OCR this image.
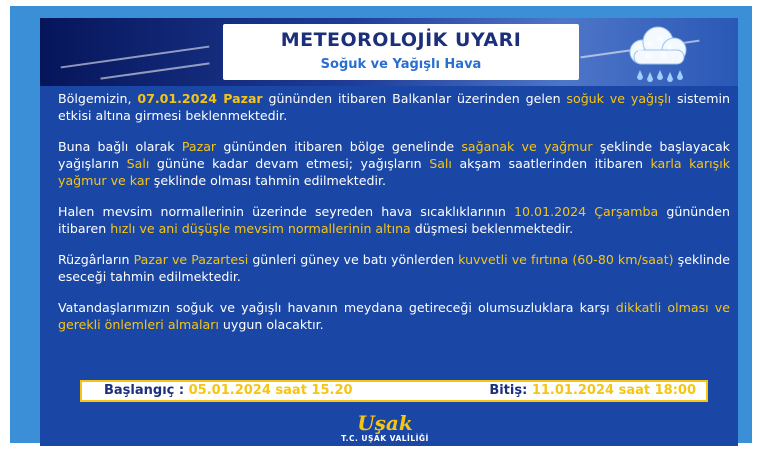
METEOROLOJİK UYARI
Soğuk ve Yağışlı Hava

Bölgemizin, 07.01.2024 Pazar gününden itibaren Balkanlar üzerinden gelen soğuk ve yağışlı sistemin etkisi altına girmesi beklenmektedir.

Buna bağlı olarak Pazar gününden itibaren bölge genelinde sağanak ve yağmur şeklinde başlayacak yağışların Salı gününe kadar devam etmesi; yağışların Salı akşam saatlerinden itibaren karla karışık yağmur ve kar şeklinde olması tahmin edilmektedir.

Halen mevsim normallerinin üzerinde seyreden hava sıcaklıklarının 10.01.2024 Çarşamba gününden itibaren hızlı ve ani düşüşle mevsim normallerinin altına düşmesi beklenmektedir.

Rüzgârların Pazar ve Pazartesi günleri güney ve batı yönlerden kuvvetli ve fırtına (60-80 km/saat) şeklinde eseceği tahmin edilmektedir.

Vatandaşlarımızın soğuk ve yağışlı havanın meydana getireceği olumsuzluklara karşı dikkatli olması ve gerekli önlemleri almaları uygun olacaktır.

Başlangıç : 05.01.2024 saat 15.20	Bitiş: 11.01.2024 saat 18:00
Uşak
T.C. UŞAK VALİLİĞİ
